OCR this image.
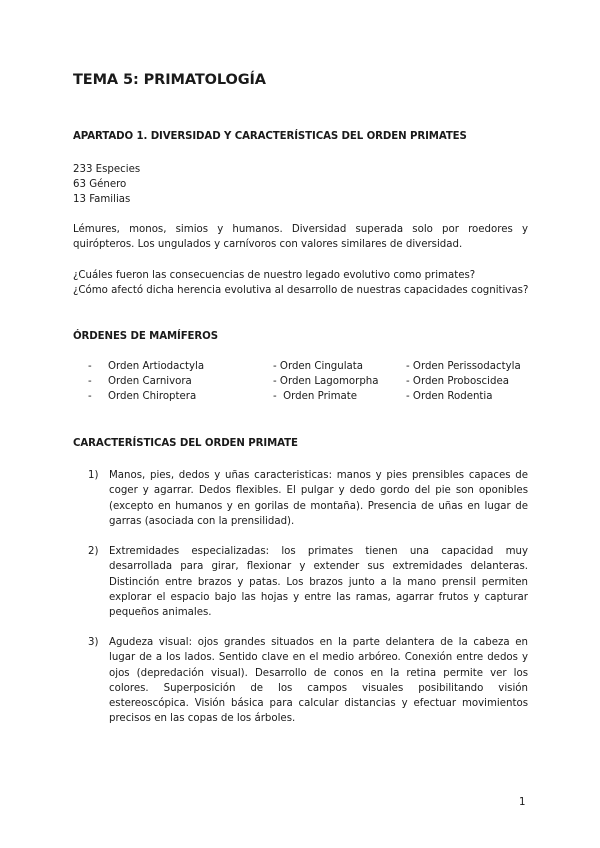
TEMA 5: PRIMATOLOGÍA
APARTADO 1. DIVERSIDAD Y CARACTERÍSTICAS DEL ORDEN PRIMATES
233 Especies
63 Género
13 Familias
Lémures, monos, simios y humanos. Diversidad superada solo por roedores y quirópteros. Los ungulados y carnívoros con valores similares de diversidad.
¿Cuáles fueron las consecuencias de nuestro legado evolutivo como primates?
¿Cómo afectó dicha herencia evolutiva al desarrollo de nuestras capacidades cognitivas?
ÓRDENES DE MAMÍFEROS
- Orden Artiodactyla
- Orden Carnivora
- Orden Chiroptera
- Orden Cingulata
- Orden Lagomorpha
-  Orden Primate
- Orden Perissodactyla
- Orden Proboscidea
- Orden Rodentia
CARACTERÍSTICAS DEL ORDEN PRIMATE
1) Manos, pies, dedos y uñas caracteristicas: manos y pies prensibles capaces de coger y agarrar. Dedos flexibles. El pulgar y dedo gordo del pie son oponibles (excepto en humanos y en gorilas de montaña). Presencia de uñas en lugar de garras (asociada con la prensilidad).
2) Extremidades especializadas: los primates tienen una capacidad muy desarrollada para girar, flexionar y extender sus extremidades delanteras. Distinción entre brazos y patas. Los brazos junto a la mano prensil permiten explorar el espacio bajo las hojas y entre las ramas, agarrar frutos y capturar pequeños animales.
3) Agudeza visual: ojos grandes situados en la parte delantera de la cabeza en lugar de a los lados. Sentido clave en el medio arbóreo. Conexión entre dedos y ojos (depredación visual). Desarrollo de conos en la retina permite ver los colores. Superposición de los campos visuales posibilitando visión estereoscópica. Visión básica para calcular distancias y efectuar movimientos precisos en las copas de los árboles.
1
